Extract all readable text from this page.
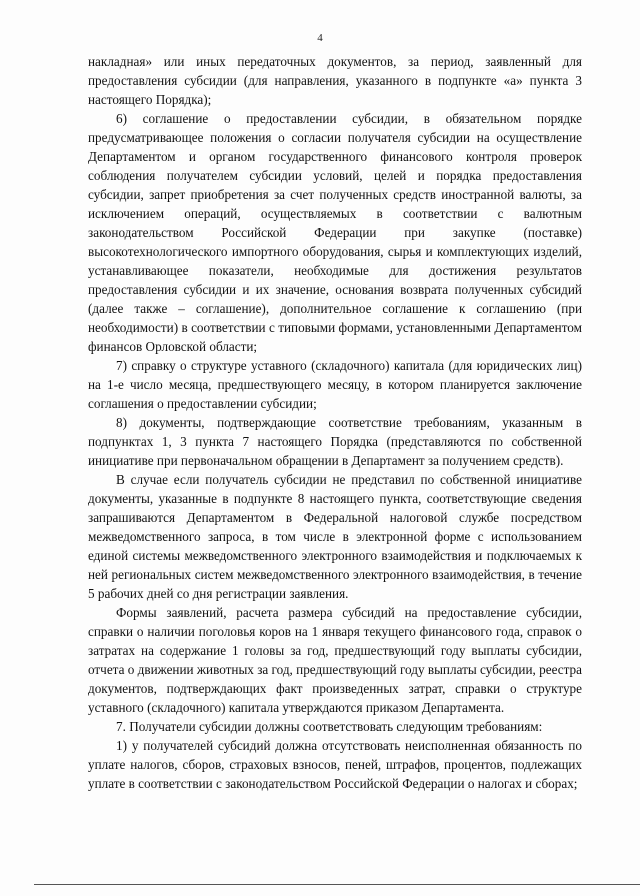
4

накладная» или иных передаточных документов, за период, заявленный для предоставления субсидии (для направления, указанного в подпункте «а» пункта 3 настоящего Порядка);

6) соглашение о предоставлении субсидии, в обязательном порядке предусматривающее положения о согласии получателя субсидии на осуществление Департаментом и органом государственного финансового контроля проверок соблюдения получателем субсидии условий, целей и порядка предоставления субсидии, запрет приобретения за счет полученных средств иностранной валюты, за исключением операций, осуществляемых в соответствии с валютным законодательством Российской Федерации при закупке (поставке) высокотехнологического импортного оборудования, сырья и комплектующих изделий, устанавливающее показатели, необходимые для достижения результатов предоставления субсидии и их значение, основания возврата полученных субсидий (далее также – соглашение), дополнительное соглашение к соглашению (при необходимости) в соответствии с типовыми формами, установленными Департаментом финансов Орловской области;

7) справку о структуре уставного (складочного) капитала (для юридических лиц) на 1-е число месяца, предшествующего месяцу, в котором планируется заключение соглашения о предоставлении субсидии;

8) документы, подтверждающие соответствие требованиям, указанным в подпунктах 1, 3 пункта 7 настоящего Порядка (представляются по собственной инициативе при первоначальном обращении в Департамент за получением средств).

В случае если получатель субсидии не представил по собственной инициативе документы, указанные в подпункте 8 настоящего пункта, соответствующие сведения запрашиваются Департаментом в Федеральной налоговой службе посредством межведомственного запроса, в том числе в электронной форме с использованием единой системы межведомственного электронного взаимодействия и подключаемых к ней региональных систем межведомственного электронного взаимодействия, в течение 5 рабочих дней со дня регистрации заявления.

Формы заявлений, расчета размера субсидий на предоставление субсидии, справки о наличии поголовья коров на 1 января текущего финансового года, справок о затратах на содержание 1 головы за год, предшествующий году выплаты субсидии, отчета о движении животных за год, предшествующий году выплаты субсидии, реестра документов, подтверждающих факт произведенных затрат, справки о структуре уставного (складочного) капитала утверждаются приказом Департамента.

7. Получатели субсидии должны соответствовать следующим требованиям:

1) у получателей субсидий должна отсутствовать неисполненная обязанность по уплате налогов, сборов, страховых взносов, пеней, штрафов, процентов, подлежащих уплате в соответствии с законодательством Российской Федерации о налогах и сборах;
